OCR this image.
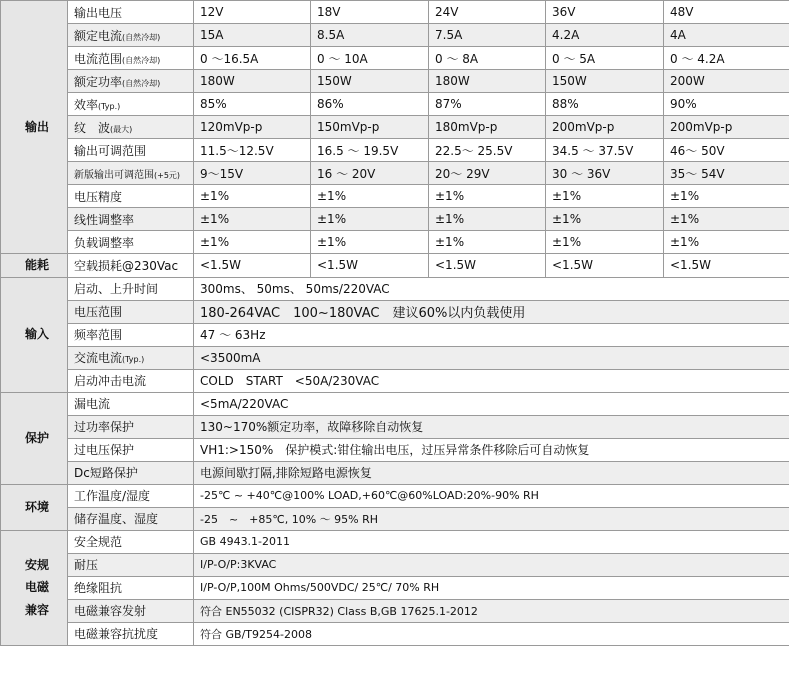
输出	输出电压	12V	18V	24V	36V	48V
	额定电流(自然冷却)	15A	8.5A	7.5A	4.2A	4A
	电流范围(自然冷却)	0 ～16.5A	0 ～ 10A	0 ～ 8A	0 ～ 5A	0 ～ 4.2A
	额定功率(自然冷却)	180W	150W	180W	150W	200W
	效率(Typ.)	85%	86%	87%	88%	90%
	纹　波(最大)	120mVp-p	150mVp-p	180mVp-p	200mVp-p	200mVp-p
	输出可调范围	11.5～12.5V	16.5 ～ 19.5V	22.5～ 25.5V	34.5 ～ 37.5V	46～ 50V
	新版输出可调范围(+5元)	9～15V	16 ～ 20V	20～ 29V	30 ～ 36V	35～ 54V
	电压精度	±1%	±1%	±1%	±1%	±1%
	线性调整率	±1%	±1%	±1%	±1%	±1%
	负载调整率	±1%	±1%	±1%	±1%	±1%
能耗	空载损耗@230Vac	<1.5W	<1.5W	<1.5W	<1.5W	<1.5W
输入	启动、上升时间	300ms、 50ms、 50ms/220VAC				
	电压范围	180-264VAC　100~180VAC　建议60%以内负载使用				
	频率范围	47 ～ 63Hz				
	交流电流(Typ.)	<3500mA				
	启动冲击电流	COLD　START　<50A/230VAC				
保护	漏电流	<5mA/220VAC				
	过功率保护	130~170%额定功率，故障移除自动恢复				
	过电压保护	VH1:>150%　保护模式:钳住输出电压，过压异常条件移除后可自动恢复				
	Dc短路保护	电源间歇打隔,排除短路电源恢复				
环境	工作温度/湿度	-25℃ ~ +40℃@100% LOAD,+60℃@60%LOAD:20%-90% RH				
	储存温度、湿度	-25　~　+85℃, 10% ～ 95% RH				

安规
电磁
兼容	安全规范	GB 4943.1-2011				
	耐压	I/P-O/P:3KVAC				
	绝缘阻抗	I/P-O/P,100M Ohms/500VDC/ 25℃/ 70% RH				
	电磁兼容发射	符合 EN55032 (CISPR32) Class B,GB 17625.1-2012				
	电磁兼容抗扰度	符合 GB/T9254-2008				
